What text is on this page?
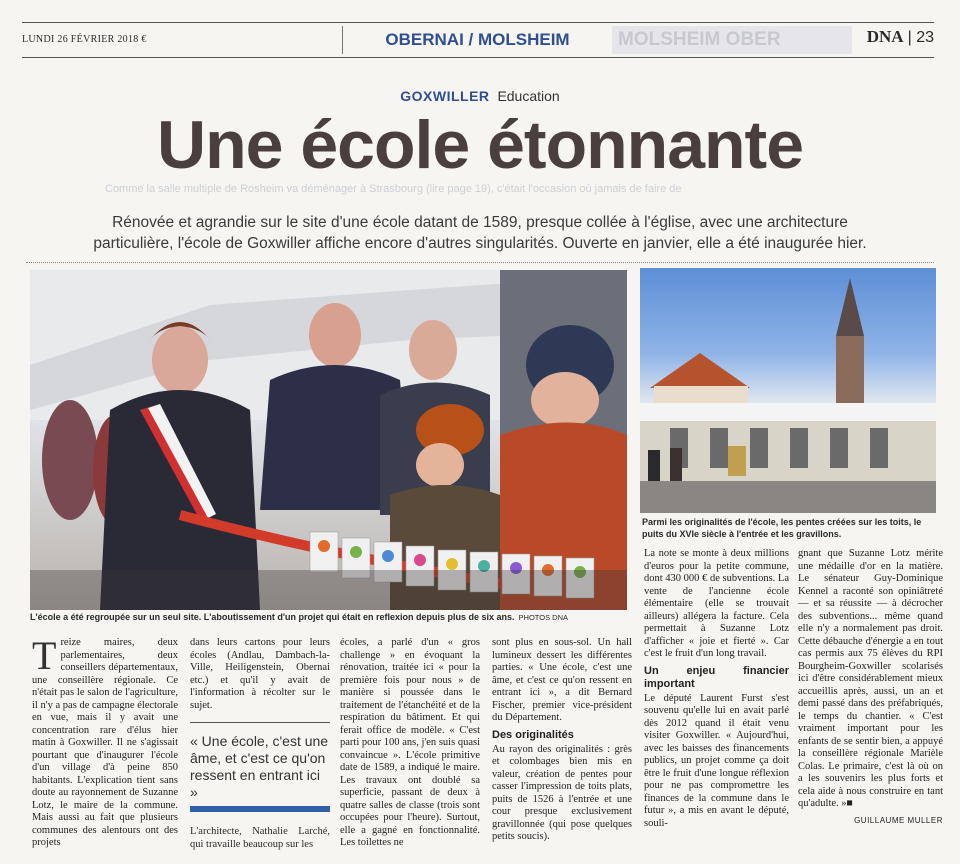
LUNDI 26 FÉVRIER 2018 €	OBERNAI / MOLSHEIM	MOLSHEIM OBER	DNA | 23
GOXWILLER Education
Une école étonnante
Comme la salle multiple de Rosheim va déménager à Strasbourg (lire page 19), c'était l'occasion où jamais de faire de
Rénovée et agrandie sur le site d'une école datant de 1589, presque collée à l'église, avec une architecture particulière, l'école de Goxwiller affiche encore d'autres singularités. Ouverte en janvier, elle a été inaugurée hier.
L'école a été regroupée sur un seul site. L'aboutissement d'un projet qui était en reflexion depuis plus de six ans. PHOTOS DNA
Parmi les originalités de l'école, les pentes créées sur les toits, le puits du XVIe siècle à l'entrée et les gravillons.
Treize maires, deux parlementaires, deux conseillers départementaux, une conseillère régionale. Ce n'était pas le salon de l'agriculture, il n'y a pas de campagne électorale en vue, mais il y avait une concentration rare d'élus hier matin à Goxwiller. Il ne s'agissait pourtant que d'inaugurer l'école d'un village d'à peine 850 habitants. L'explication tient sans doute au rayonnement de Suzanne Lotz, le maire de la commune. Mais aussi au fait que plusieurs communes des alentours ont des projets
dans leurs cartons pour leurs écoles (Andlau, Dambach-la-Ville, Heiligenstein, Obernai etc.) et qu'il y avait de l'information à récolter sur le sujet.
« Une école, c'est une âme, et c'est ce qu'on ressent en entrant ici »
L'architecte, Nathalie Larché, qui travaille beaucoup sur les
écoles, a parlé d'un « gros challenge » en évoquant la rénovation, traitée ici « pour la première fois pour nous » de manière si poussée dans le traitement de l'étanchéité et de la respiration du bâtiment. Et qui ferait office de modèle. « C'est parti pour 100 ans, j'en suis quasi convaincue ». L'école primitive date de 1589, a indiqué le maire. Les travaux ont doublé sa superficie, passant de deux à quatre salles de classe (trois sont occupées pour l'heure). Surtout, elle a gagné en fonctionnalité. Les toilettes ne
sont plus en sous-sol. Un hall lumineux dessert les différentes parties. « Une école, c'est une âme, et c'est ce qu'on ressent en entrant ici », a dit Bernard Fischer, premier vice-président du Département.
Des originalités
Au rayon des originalités : grès et colombages bien mis en valeur, création de pentes pour casser l'impression de toits plats, puits de 1526 à l'entrée et une cour presque exclusivement gravillonnée (qui pose quelques petits soucis).
La note se monte à deux millions d'euros pour la petite commune, dont 430 000 € de subventions. La vente de l'ancienne école élémentaire (elle se trouvait ailleurs) allégera la facture. Cela permettait à Suzanne Lotz d'afficher « joie et fierté ». Car c'est le fruit d'un long travail.
Un enjeu financier important
Le député Laurent Furst s'est souvenu qu'elle lui en avait parlé dès 2012 quand il était venu visiter Goxwiller. « Aujourd'hui, avec les baisses des financements publics, un projet comme ça doit être le fruit d'une longue réflexion pour ne pas compromettre les finances de la commune dans le futur », a mis en avant le député, souli-
gnant que Suzanne Lotz mérite une médaille d'or en la matière. Le sénateur Guy-Dominique Kennel a raconté son opiniâtreté — et sa réussite — à décrocher des subventions... même quand elle n'y a normalement pas droit. Cette débauche d'énergie a en tout cas permis aux 75 élèves du RPI Bourgheim-Goxwiller scolarisés ici d'être considérablement mieux accueillis après, aussi, un an et demi passé dans des préfabriqués, le temps du chantier. « C'est vraiment important pour les enfants de se sentir bien, a appuyé la conseillère régionale Marièle Colas. Le primaire, c'est là où on a les souvenirs les plus forts et cela aide à nous construire en tant qu'adulte. »■
GUILLAUME MULLER
